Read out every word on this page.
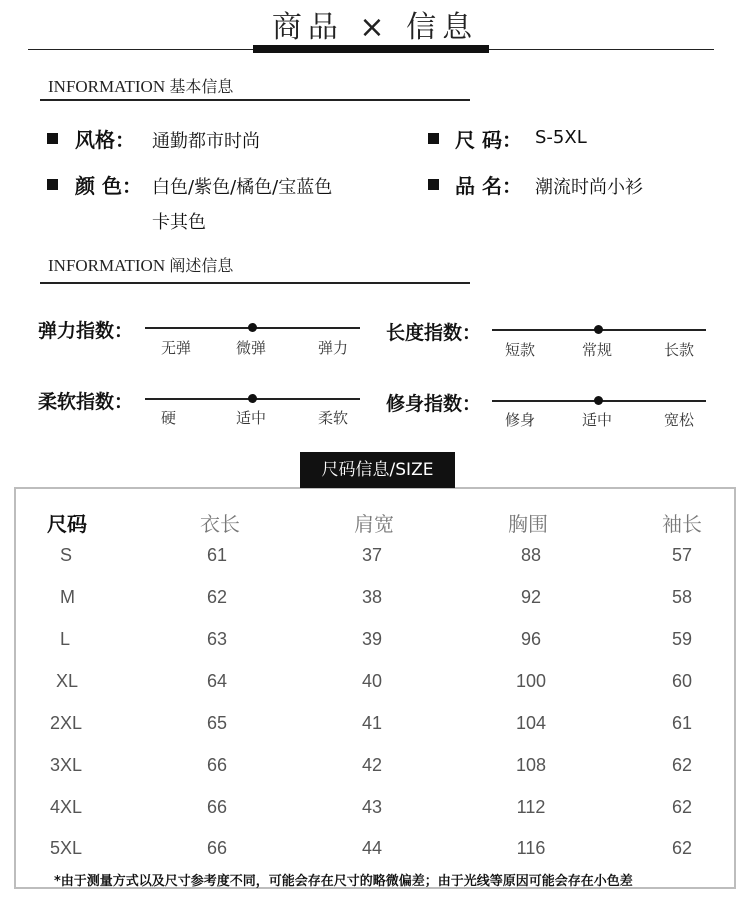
商品 × 信息
INFORMATION 基本信息
风格： 通勤都市时尚	尺 码： S-5XL
颜 色： 白色/紫色/橘色/宝蓝色
卡其色
品 名： 潮流时尚小衫
INFORMATION 阐述信息
弹力指数：
无弹	微弹	弹力
长度指数：
短款	常规	长款
柔软指数：
硬	适中	柔软
修身指数：
修身	适中	宽松
尺码信息/SIZE
尺码	衣长	肩宽	胸围	袖长
S	61	37	88	57
M	62	38	92	58
L	63	39	96	59
XL	64	40	100	60
2XL	65	41	104	61
3XL	66	42	108	62
4XL	66	43	112	62
5XL	66	44	116	62
*由于测量方式以及尺寸参考度不同，可能会存在尺寸的略微偏差；由于光线等原因可能会存在小色差
